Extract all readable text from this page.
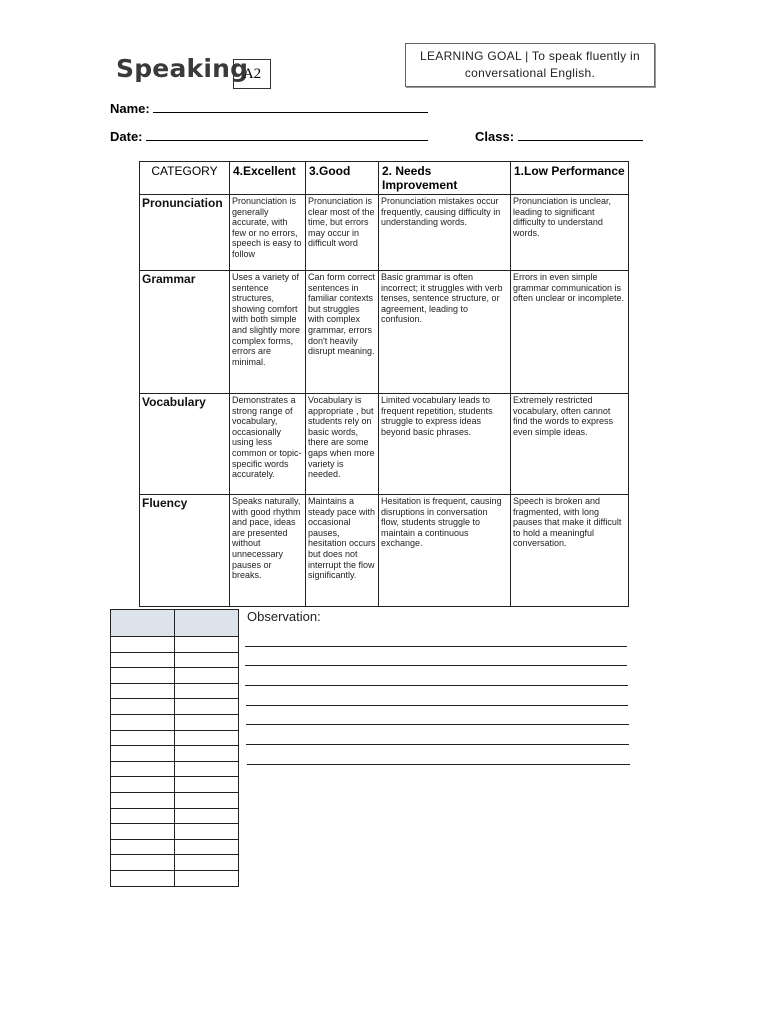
Speaking
A2
LEARNING GOAL | To speak fluently in
conversational English.
Name:
Date:	Class:
CATEGORY	4.Excellent	3.Good	2. Needs Improvement	1.Low Performance
Pronunciation	Pronunciation is generally accurate, with few or no errors, speech is easy to follow	Pronunciation is clear most of the time, but errors may occur in difficult word	Pronunciation mistakes occur frequently, causing difficulty in understanding words.	Pronunciation is unclear, leading to significant difficulty to understand words.
Grammar	Uses a variety of sentence structures, showing comfort with both simple and slightly more complex forms, errors are minimal.	Can form correct sentences in familiar contexts but struggles with complex grammar, errors don't heavily disrupt meaning.	Basic grammar is often incorrect; it struggles with verb tenses, sentence structure, or agreement, leading to confusion.	Errors in even simple grammar communication is often unclear or incomplete.
Vocabulary	Demonstrates a strong range of vocabulary, occasionally using less common or topic-specific words accurately.	Vocabulary is appropriate , but students rely on basic words, there are some gaps when more variety is needed.	Limited vocabulary leads to frequent repetition, students struggle to express ideas beyond basic phrases.	Extremely restricted vocabulary, often cannot find the words to express even simple ideas.
Fluency	Speaks naturally, with good rhythm and pace, ideas are presented without unnecessary pauses or breaks.	Maintains a steady pace with occasional pauses, hesitation occurs but does not interrupt the flow significantly.	Hesitation is frequent, causing disruptions in conversation flow, students struggle to maintain a continuous exchange.	Speech is broken and fragmented, with long pauses that make it difficult to hold a meaningful conversation.

Observation:
